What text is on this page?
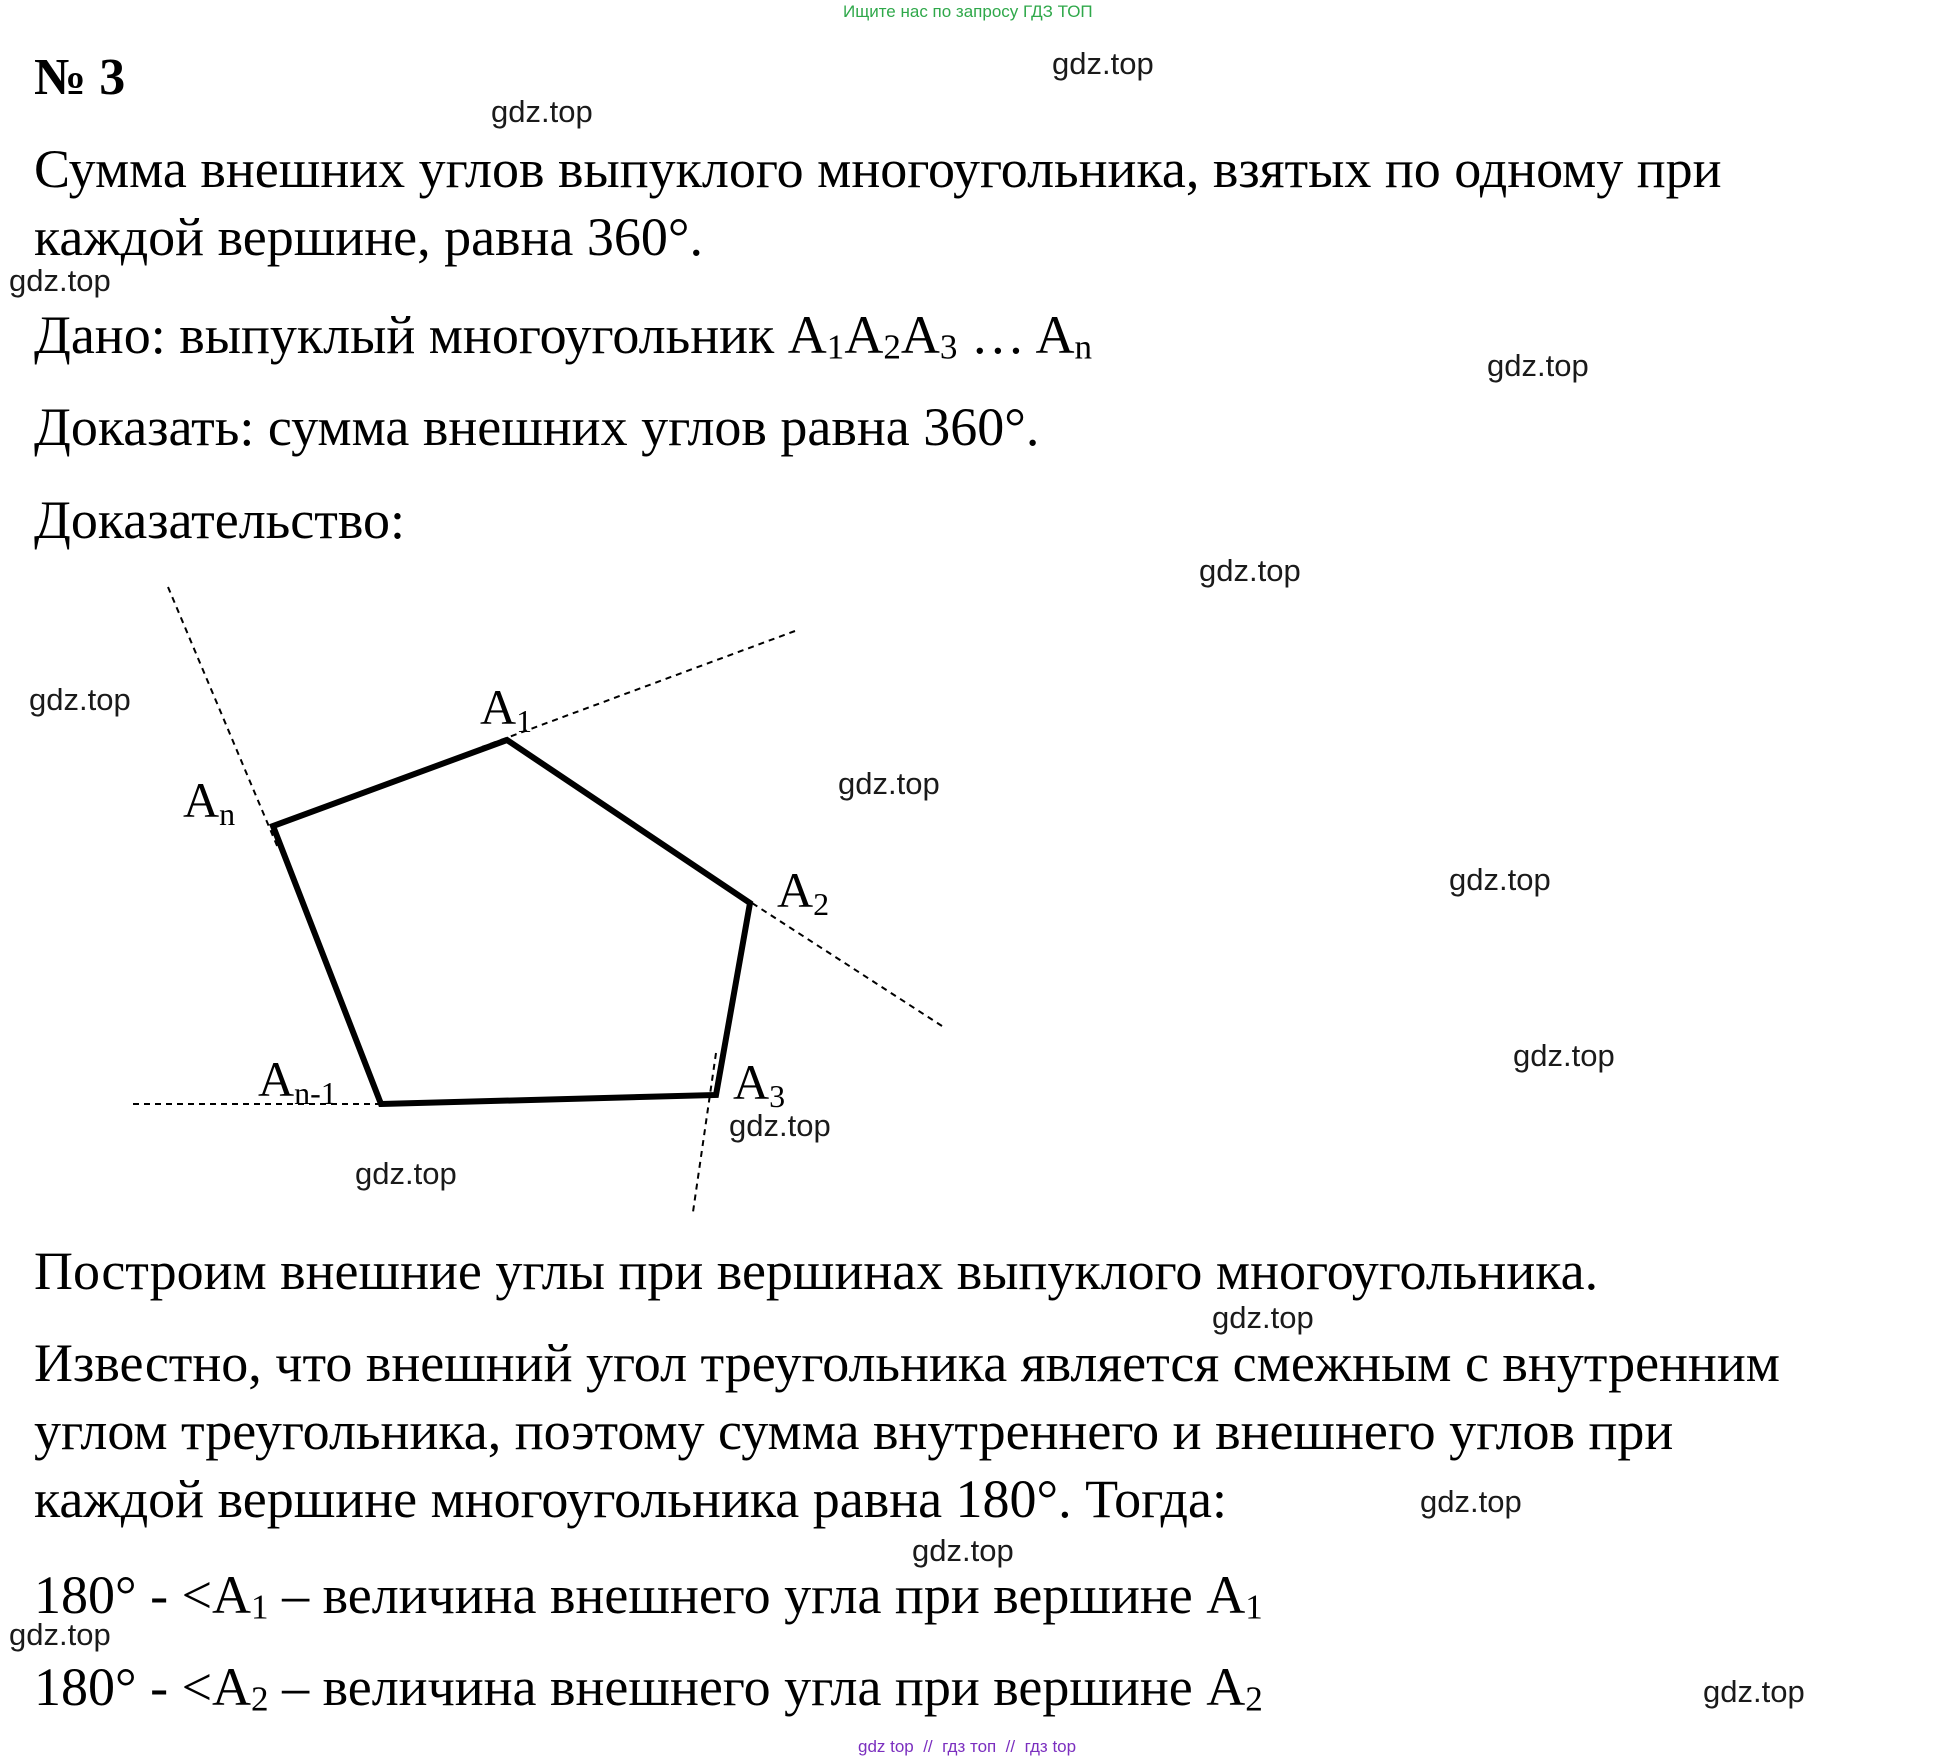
Ищите нас по запросу ГДЗ ТОП
№ 3
Сумма внешних углов выпуклого многоугольника, взятых по одному при
каждой вершине, равна 360°.
Дано: выпуклый многоугольник $A_1A_2A_3$ … $A_n$
Доказать: сумма внешних углов равна 360°.
Доказательство:
A1
An
A2
A3
An-1
Построим внешние углы при вершинах выпуклого многоугольника.
Известно, что внешний угол треугольника является смежным с внутренним
углом треугольника, поэтому сумма внутреннего и внешнего углов при
каждой вершине многоугольника равна 180°. Тогда:
$180^\circ - <A_1$ – величина внешнего угла при вершине $A_1$
$180^\circ - <A_2$ – величина внешнего угла при вершине $A_2$
gdz.top
gdz.top
gdz.top
gdz.top
gdz.top
gdz.top
gdz.top
gdz.top
gdz.top
gdz.top
gdz.top
gdz.top
gdz.top
gdz.top
gdz.top
gdz.top
gdz top  //  гдз топ  //  гдз top
